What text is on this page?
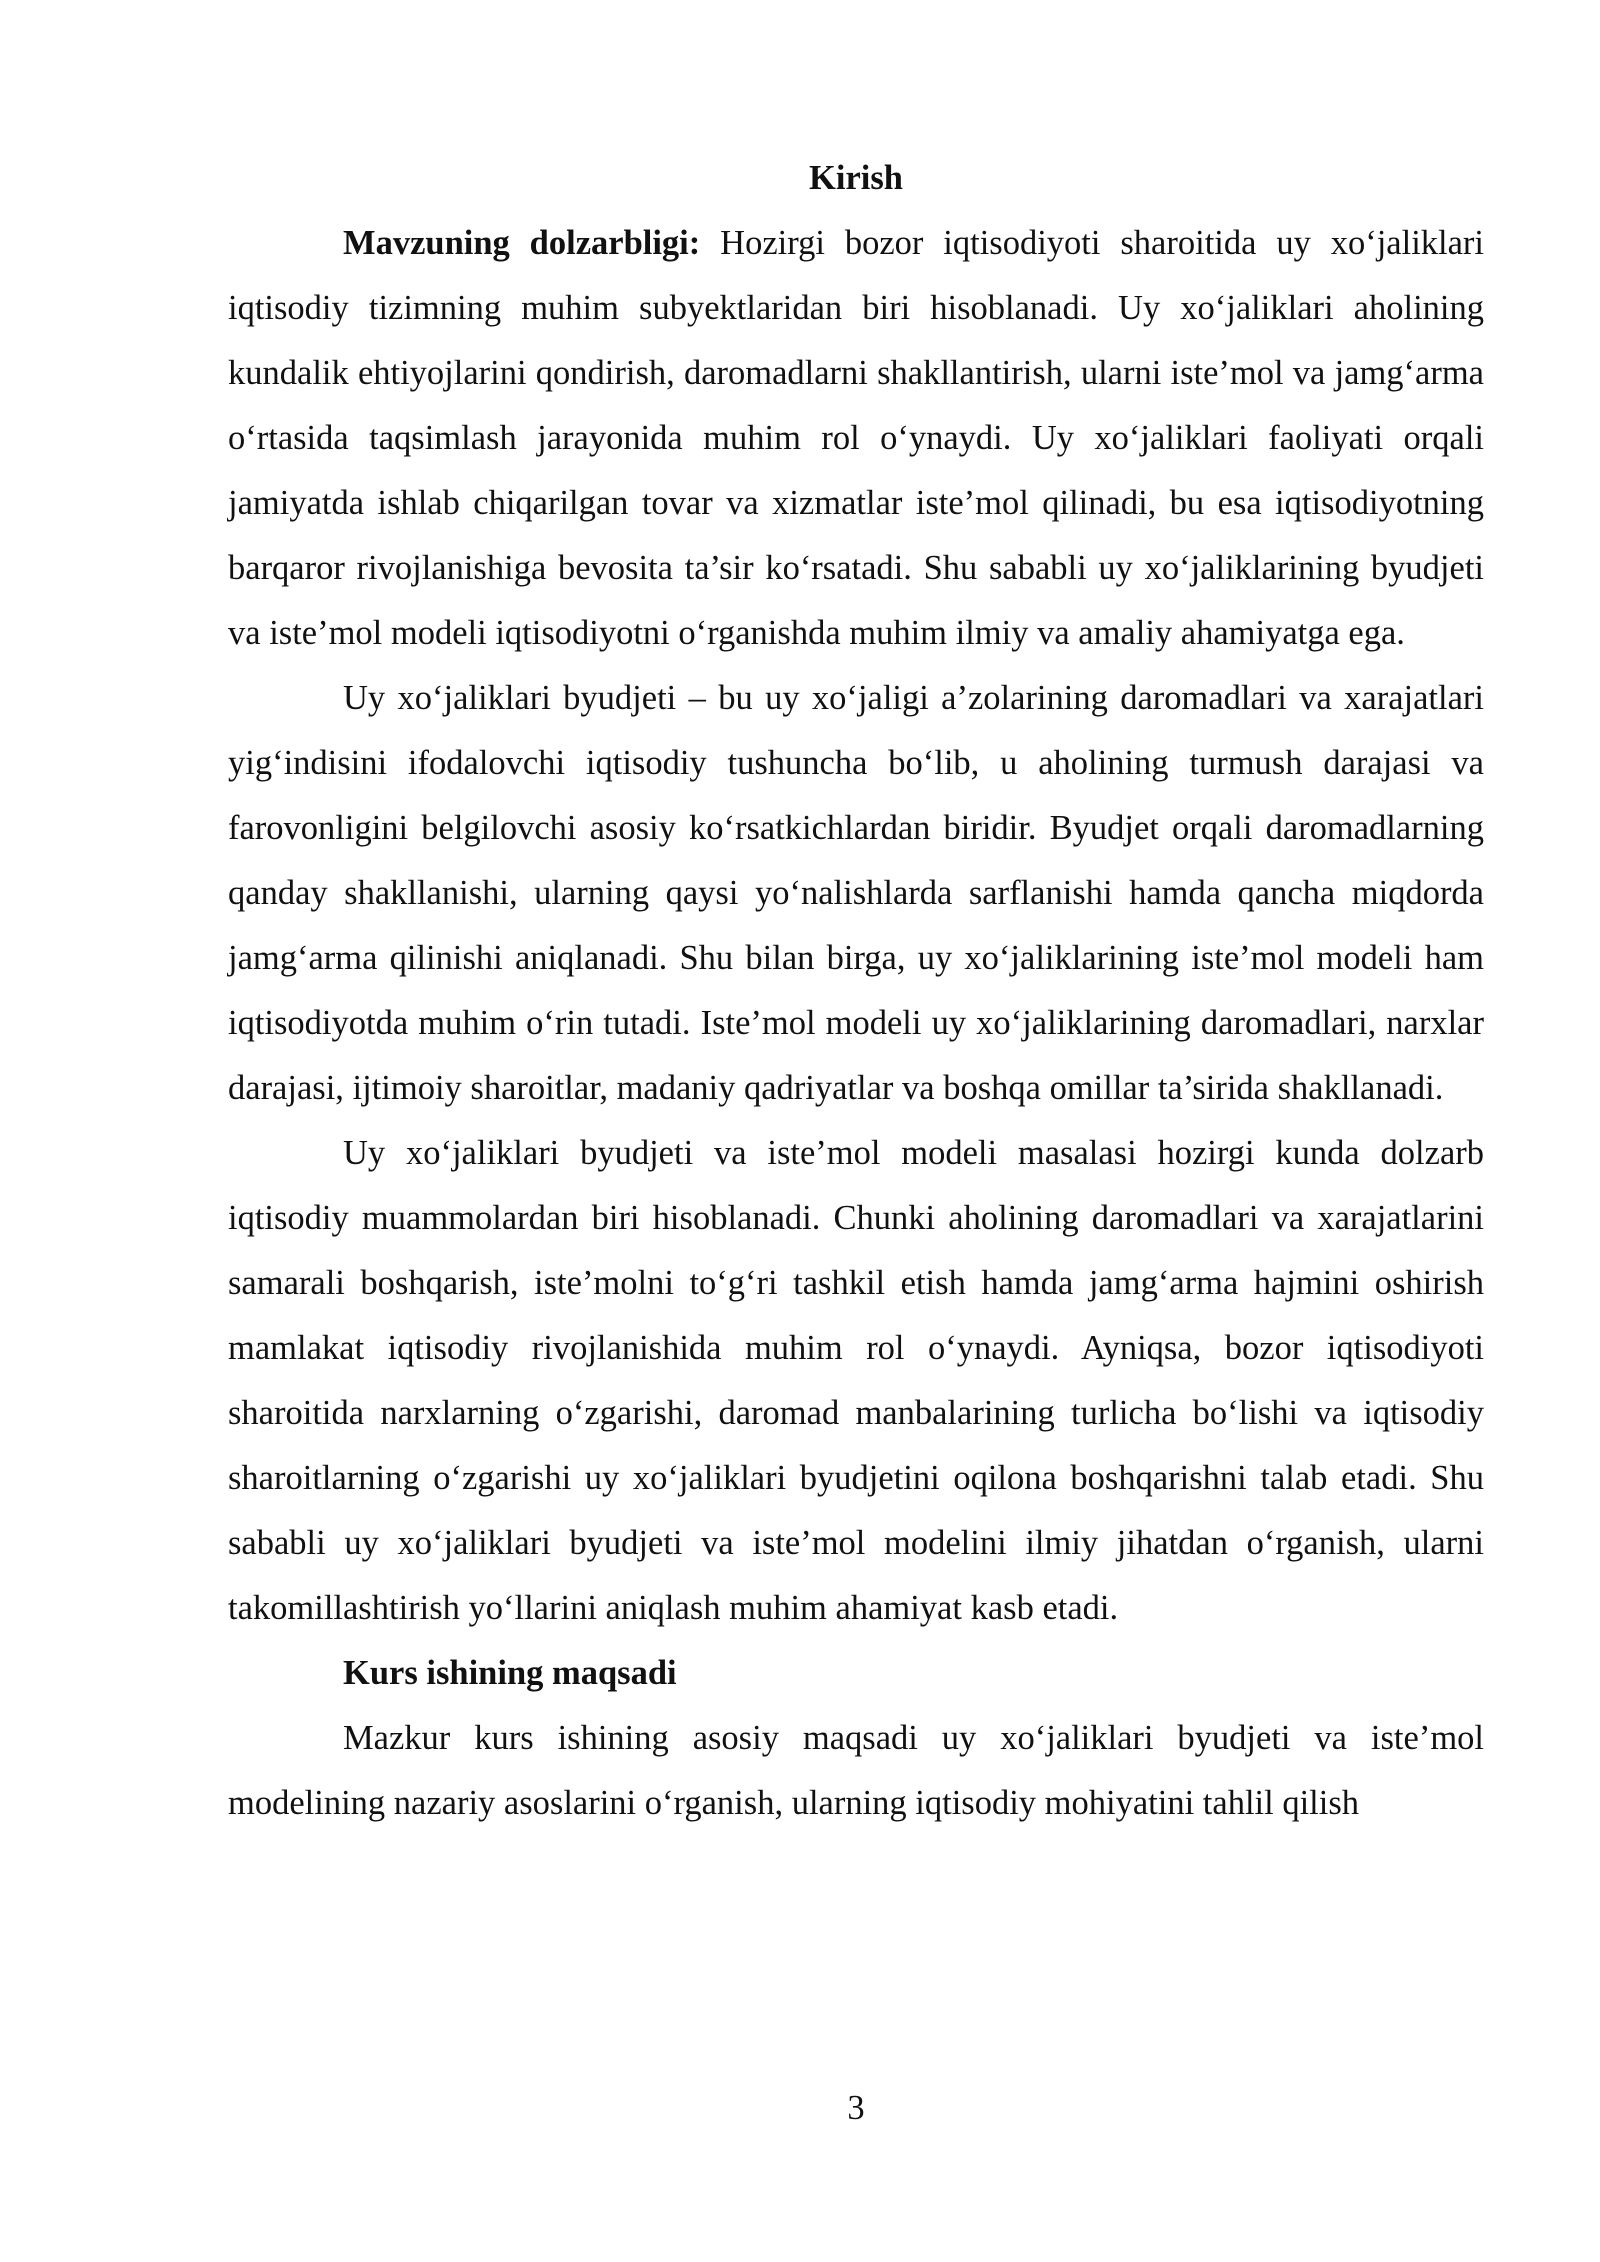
Kirish

Mavzuning dolzarbligi: Hozirgi bozor iqtisodiyoti sharoitida uy xo‘jaliklari iqtisodiy tizimning muhim subyektlaridan biri hisoblanadi. Uy xo‘jaliklari aholining kundalik ehtiyojlarini qondirish, daromadlarni shakllantirish, ularni iste’mol va jamg‘arma o‘rtasida taqsimlash jarayonida muhim rol o‘ynaydi. Uy xo‘jaliklari faoliyati orqali jamiyatda ishlab chiqarilgan tovar va xizmatlar iste’mol qilinadi, bu esa iqtisodiyotning barqaror rivojlanishiga bevosita ta’sir ko‘rsatadi. Shu sababli uy xo‘jaliklarining byudjeti va iste’mol modeli iqtisodiyotni o‘rganishda muhim ilmiy va amaliy ahamiyatga ega.

Uy xo‘jaliklari byudjeti – bu uy xo‘jaligi a’zolarining daromadlari va xarajatlari yig‘indisini ifodalovchi iqtisodiy tushuncha bo‘lib, u aholining turmush darajasi va farovonligini belgilovchi asosiy ko‘rsatkichlardan biridir. Byudjet orqali daromadlarning qanday shakllanishi, ularning qaysi yo‘nalishlarda sarflanishi hamda qancha miqdorda jamg‘arma qilinishi aniqlanadi. Shu bilan birga, uy xo‘jaliklarining iste’mol modeli ham iqtisodiyotda muhim o‘rin tutadi. Iste’mol modeli uy xo‘jaliklarining daromadlari, narxlar darajasi, ijtimoiy sharoitlar, madaniy qadriyatlar va boshqa omillar ta’sirida shakllanadi.

Uy xo‘jaliklari byudjeti va iste’mol modeli masalasi hozirgi kunda dolzarb iqtisodiy muammolardan biri hisoblanadi. Chunki aholining daromadlari va xarajatlarini samarali boshqarish, iste’molni to‘g‘ri tashkil etish hamda jamg‘arma hajmini oshirish mamlakat iqtisodiy rivojlanishida muhim rol o‘ynaydi. Ayniqsa, bozor iqtisodiyoti sharoitida narxlarning o‘zgarishi, daromad manbalarining turlicha bo‘lishi va iqtisodiy sharoitlarning o‘zgarishi uy xo‘jaliklari byudjetini oqilona boshqarishni talab etadi. Shu sababli uy xo‘jaliklari byudjeti va iste’mol modelini ilmiy jihatdan o‘rganish, ularni takomillashtirish yo‘llarini aniqlash muhim ahamiyat kasb etadi.

Kurs ishining maqsadi

Mazkur kurs ishining asosiy maqsadi uy xo‘jaliklari byudjeti va iste’mol modelining nazariy asoslarini o‘rganish, ularning iqtisodiy mohiyatini tahlil qilish

3
